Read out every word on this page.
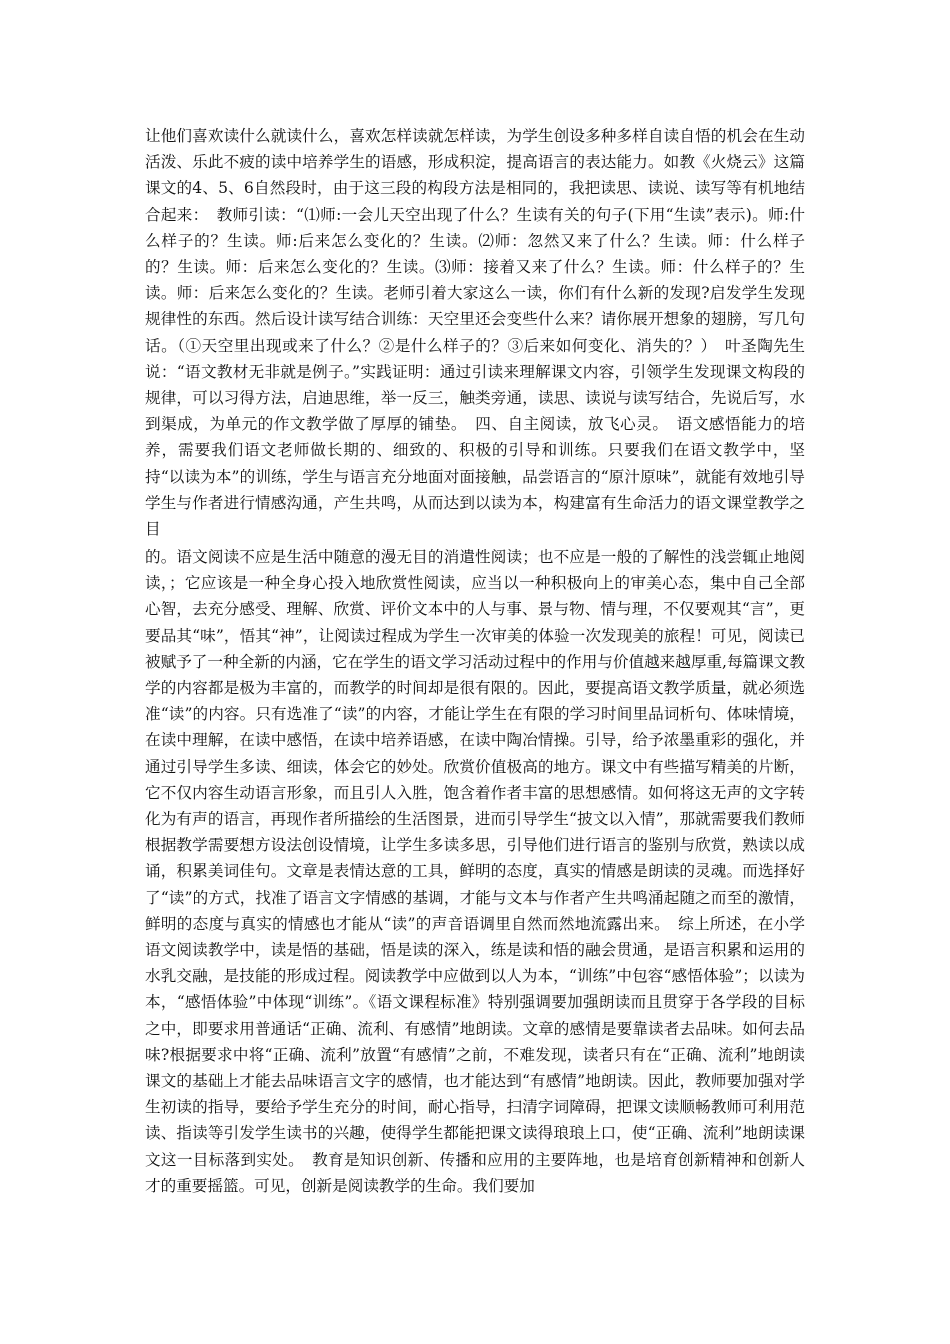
让他们喜欢读什么就读什么，喜欢怎样读就怎样读，为学生创设多种多样自读自悟的机会在生动活泼、乐此不疲的读中培养学生的语感，形成积淀，提高语言的表达能力。如教《火烧云》这篇课文的4、5、6自然段时，由于这三段的构段方法是相同的，我把读思、读说、读写等有机地结合起来：　教师引读：“⑴师:一会儿天空出现了什么？生读有关的句子(下用“生读”表示)。师:什么样子的？生读。师:后来怎么变化的？生读。⑵师：忽然又来了什么？生读。师：什么样子的？生读。师：后来怎么变化的？生读。⑶师：接着又来了什么？生读。师：什么样子的？生读。师：后来怎么变化的？生读。老师引着大家这么一读，你们有什么新的发现?启发学生发现规律性的东西。然后设计读写结合训练：天空里还会变些什么来？请你展开想象的翅膀，写几句话。（①天空里出现或来了什么？②是什么样子的？③后来如何变化、消失的？）　叶圣陶先生说：“语文教材无非就是例子。”实践证明：通过引读来理解课文内容，引领学生发现课文构段的规律，可以习得方法，启迪思维，举一反三，触类旁通，读思、读说与读写结合，先说后写，水到渠成，为单元的作文教学做了厚厚的铺垫。　四、自主阅读，放飞心灵。　语文感悟能力的培养，需要我们语文老师做长期的、细致的、积极的引导和训练。只要我们在语文教学中，坚持“以读为本”的训练，学生与语言充分地面对面接触，品尝语言的“原汁原味”，就能有效地引导学生与作者进行情感沟通，产生共鸣，从而达到以读为本，构建富有生命活力的语文课堂教学之目
的。语文阅读不应是生活中随意的漫无目的消遣性阅读；也不应是一般的了解性的浅尝辄止地阅读，；它应该是一种全身心投入地欣赏性阅读，应当以一种积极向上的审美心态，集中自己全部心智，去充分感受、理解、欣赏、评价文本中的人与事、景与物、情与理，不仅要观其“言”，更要品其“味”，悟其“神”，让阅读过程成为学生一次审美的体验一次发现美的旅程！可见，阅读已被赋予了一种全新的内涵，它在学生的语文学习活动过程中的作用与价值越来越厚重,每篇课文教学的内容都是极为丰富的，而教学的时间却是很有限的。因此，要提高语文教学质量，就必须选准“读”的内容。只有选准了“读”的内容，才能让学生在有限的学习时间里品词析句、体味情境，在读中理解，在读中感悟，在读中培养语感，在读中陶冶情操。引导，给予浓墨重彩的强化，并通过引导学生多读、细读，体会它的妙处。欣赏价值极高的地方。课文中有些描写精美的片断，它不仅内容生动语言形象，而且引人入胜，饱含着作者丰富的思想感情。如何将这无声的文字转化为有声的语言，再现作者所描绘的生活图景，进而引导学生“披文以入情”，那就需要我们教师根据教学需要想方设法创设情境，让学生多读多思，引导他们进行语言的鉴别与欣赏，熟读以成诵，积累美词佳句。文章是表情达意的工具，鲜明的态度，真实的情感是朗读的灵魂。而选择好了“读”的方式，找准了语言文字情感的基调，才能与文本与作者产生共鸣涌起随之而至的激情，鲜明的态度与真实的情感也才能从“读”的声音语调里自然而然地流露出来。　综上所述，在小学语文阅读教学中，读是悟的基础，悟是读的深入，练是读和悟的融会贯通，是语言积累和运用的水乳交融，是技能的形成过程。阅读教学中应做到以人为本，“训练”中包容“感悟体验”；以读为本，“感悟体验”中体现“训练”。《语文课程标准》特别强调要加强朗读而且贯穿于各学段的目标之中，即要求用普通话“正确、流利、有感情”地朗读。文章的感情是要靠读者去品味。如何去品味?根据要求中将“正确、流利”放置“有感情”之前，不难发现，读者只有在“正确、流利”地朗读课文的基础上才能去品味语言文字的感情，也才能达到“有感情”地朗读。因此，教师要加强对学生初读的指导，要给予学生充分的时间，耐心指导，扫清字词障碍，把课文读顺畅教师可利用范读、指读等引发学生读书的兴趣，使得学生都能把课文读得琅琅上口，使“正确、流利”地朗读课文这一目标落到实处。　教育是知识创新、传播和应用的主要阵地，也是培育创新精神和创新人才的重要摇篮。可见，创新是阅读教学的生命。我们要加
